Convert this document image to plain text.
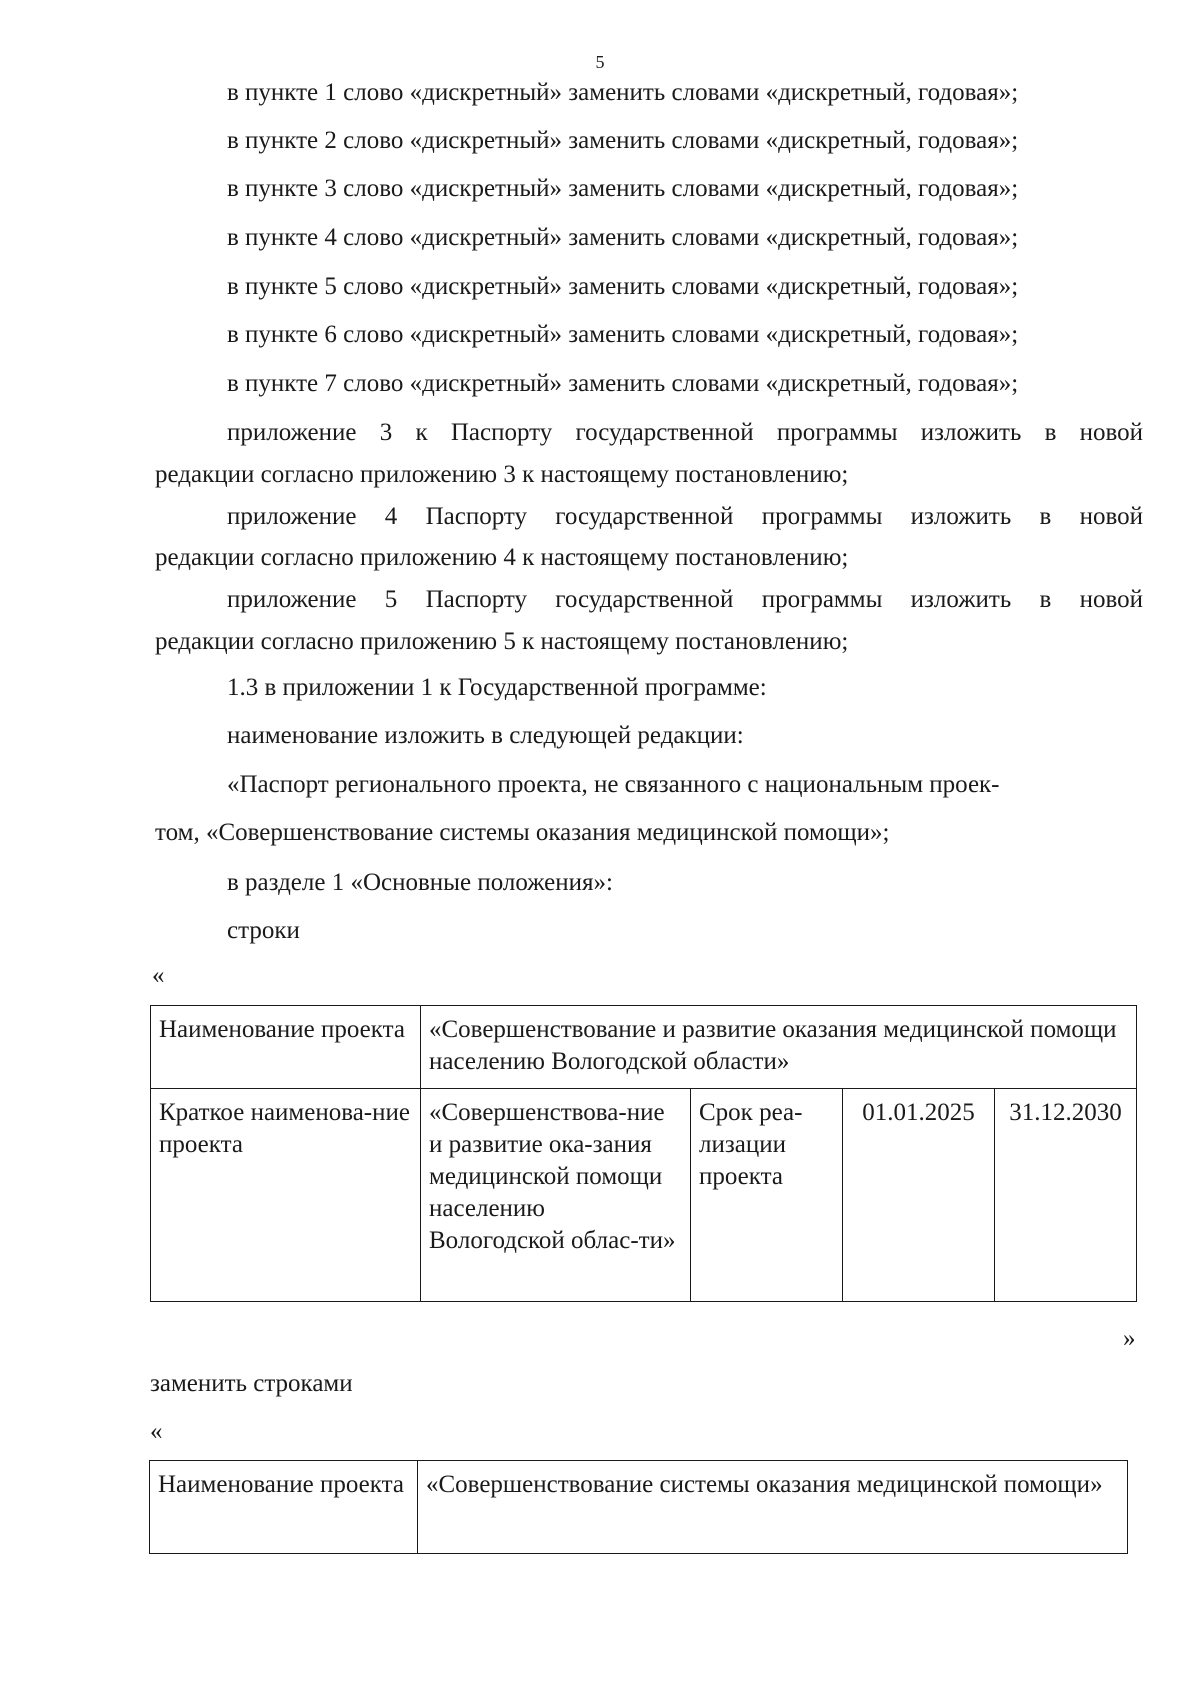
5
в пункте 1 слово «дискретный» заменить словами «дискретный, годовая»;
в пункте 2 слово «дискретный» заменить словами «дискретный, годовая»;
в пункте 3 слово «дискретный» заменить словами «дискретный, годовая»;
в пункте 4 слово «дискретный» заменить словами «дискретный, годовая»;
в пункте 5 слово «дискретный» заменить словами «дискретный, годовая»;
в пункте 6 слово «дискретный» заменить словами «дискретный, годовая»;
в пункте 7 слово «дискретный» заменить словами «дискретный, годовая»;
приложение 3 к Паспорту государственной программы изложить в новой
редакции согласно приложению 3 к настоящему постановлению;
приложение 4 Паспорту государственной программы изложить в новой
редакции согласно приложению 4 к настоящему постановлению;
приложение 5 Паспорту государственной программы изложить в новой
редакции согласно приложению 5 к настоящему постановлению;
1.3 в приложении 1 к Государственной программе:
наименование изложить в следующей редакции:
«Паспорт регионального проекта, не связанного с национальным проек-
том, «Совершенствование системы оказания медицинской помощи»;
в разделе 1 «Основные положения»:
строки
«
Наименование проекта	«Совершенствование и развитие оказания медицинской помощи населению Вологодской области»			

Краткое наименова-ние проекта	«Совершенствова-ние и развитие ока-зания медицинской помощи населению Вологодской облас-ти»	Срок реа-лизации проекта	01.01.2025	31.12.2030
»
заменить строками
«
Наименование проекта	«Совершенствование системы оказания медицинской помощи»
